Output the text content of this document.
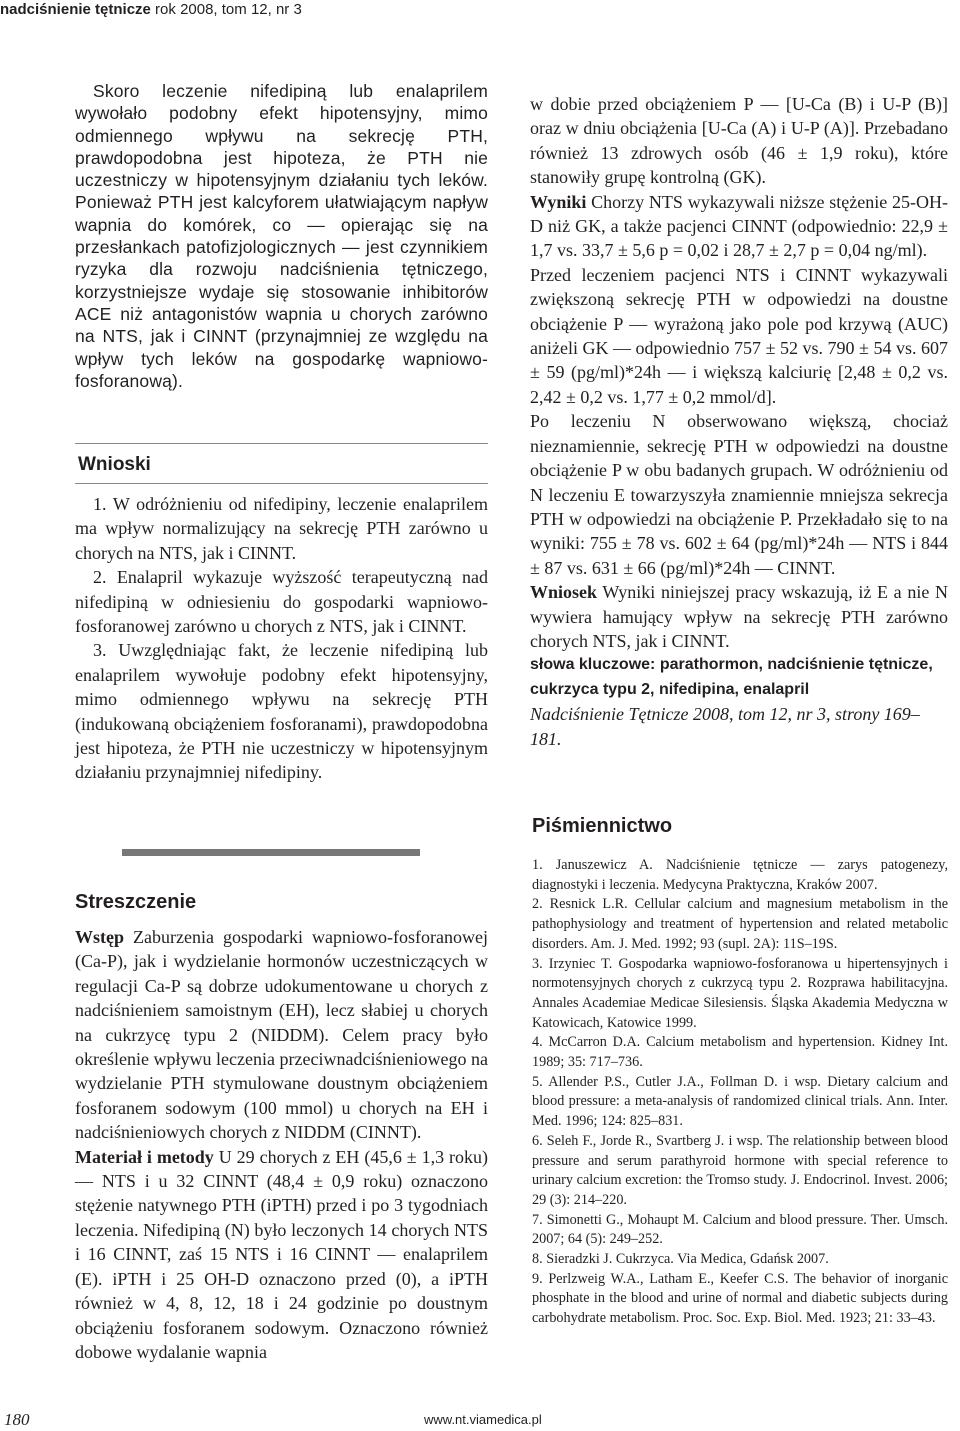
nadciśnienie tętnicze rok 2008, tom 12, nr 3

Skoro leczenie nifedipiną lub enalaprilem wywołało podobny efekt hipotensyjny, mimo odmiennego wpływu na sekrecję PTH, prawdopodobna jest hipoteza, że PTH nie uczestniczy w hipotensyjnym działaniu tych leków. Ponieważ PTH jest kalcyforem ułatwiającym napływ wapnia do komórek, co — opierając się na przesłankach patofizjologicznych — jest czynnikiem ryzyka dla rozwoju nadciśnienia tętniczego, korzystniejsze wydaje się stosowanie inhibitorów ACE niż antagonistów wapnia u chorych zarówno na NTS, jak i CINNT (przynajmniej ze względu na wpływ tych leków na gospodarkę wapniowo-fosforanową).

Wnioski

1. W odróżnieniu od nifedipiny, leczenie enalaprilem ma wpływ normalizujący na sekrecję PTH zarówno u chorych na NTS, jak i CINNT.

2. Enalapril wykazuje wyższość terapeutyczną nad nifedipiną w odniesieniu do gospodarki wapniowo-fosforanowej zarówno u chorych z NTS, jak i CINNT.

3. Uwzględniając fakt, że leczenie nifedipiną lub enalaprilem wywołuje podobny efekt hipotensyjny, mimo odmiennego wpływu na sekrecję PTH (indukowaną obciążeniem fosforanami), prawdopodobna jest hipoteza, że PTH nie uczestniczy w hipotensyjnym działaniu przynajmniej nifedipiny.

Streszczenie

Wstęp Zaburzenia gospodarki wapniowo-fosforanowej (Ca-P), jak i wydzielanie hormonów uczestniczących w regulacji Ca-P są dobrze udokumentowane u chorych z nadciśnieniem samoistnym (EH), lecz słabiej u chorych na cukrzycę typu 2 (NIDDM). Celem pracy było określenie wpływu leczenia przeciwnadciśnieniowego na wydzielanie PTH stymulowane doustnym obciążeniem fosforanem sodowym (100 mmol) u chorych na EH i nadciśnieniowych chorych z NIDDM (CINNT).

Materiał i metody U 29 chorych z EH (45,6 ± 1,3 roku) — NTS i u 32 CINNT (48,4 ± 0,9 roku) oznaczono stężenie natywnego PTH (iPTH) przed i po 3 tygodniach leczenia. Nifedipiną (N) było leczonych 14 chorych NTS i 16 CINNT, zaś 15 NTS i 16 CINNT — enalaprilem (E). iPTH i 25 OH-D oznaczono przed (0), a iPTH również w 4, 8, 12, 18 i 24 godzinie po doustnym obciążeniu fosforanem sodowym. Oznaczono również dobowe wydalanie wapnia

w dobie przed obciążeniem P — [U-Ca (B) i U-P (B)] oraz w dniu obciążenia [U-Ca (A) i U-P (A)]. Przebadano również 13 zdrowych osób (46 ± 1,9 roku), które stanowiły grupę kontrolną (GK).

Wyniki Chorzy NTS wykazywali niższe stężenie 25-OH-D niż GK, a także pacjenci CINNT (odpowiednio: 22,9 ± 1,7 vs. 33,7 ± 5,6 p = 0,02 i 28,7 ± 2,7 p = 0,04 ng/ml).

Przed leczeniem pacjenci NTS i CINNT wykazywali zwiększoną sekrecję PTH w odpowiedzi na doustne obciążenie P — wyrażoną jako pole pod krzywą (AUC) aniżeli GK — odpowiednio 757 ± 52 vs. 790 ± 54 vs. 607 ± 59 (pg/ml)*24h — i większą kalciurię [2,48 ± 0,2 vs. 2,42 ± 0,2 vs. 1,77 ± 0,2 mmol/d].

Po leczeniu N obserwowano większą, chociaż nieznamiennie, sekrecję PTH w odpowiedzi na doustne obciążenie P w obu badanych grupach. W odróżnieniu od N leczeniu E towarzyszyła znamiennie mniejsza sekrecja PTH w odpowiedzi na obciążenie P. Przekładało się to na wyniki: 755 ± 78 vs. 602 ± 64 (pg/ml)*24h — NTS i 844 ± 87 vs. 631 ± 66 (pg/ml)*24h — CINNT.

Wniosek Wyniki niniejszej pracy wskazują, iż E a nie N wywiera hamujący wpływ na sekrecję PTH zarówno chorych NTS, jak i CINNT.

słowa kluczowe: parathormon, nadciśnienie tętnicze, cukrzyca typu 2, nifedipina, enalapril
Nadciśnienie Tętnicze 2008, tom 12, nr 3, strony 169–181.
Piśmiennictwo

1. Januszewicz A. Nadciśnienie tętnicze — zarys patogenezy, diagnostyki i leczenia. Medycyna Praktyczna, Kraków 2007.

2. Resnick L.R. Cellular calcium and magnesium metabolism in the pathophysiology and treatment of hypertension and related metabolic disorders. Am. J. Med. 1992; 93 (supl. 2A): 11S–19S.

3. Irzyniec T. Gospodarka wapniowo-fosforanowa u hipertensyjnych i normotensyjnych chorych z cukrzycą typu 2. Rozprawa habilitacyjna. Annales Academiae Medicae Silesiensis. Śląska Akademia Medyczna w Katowicach, Katowice 1999.

4. McCarron D.A. Calcium metabolism and hypertension. Kidney Int. 1989; 35: 717–736.

5. Allender P.S., Cutler J.A., Follman D. i wsp. Dietary calcium and blood pressure: a meta-analysis of randomized clinical trials. Ann. Inter. Med. 1996; 124: 825–831.

6. Seleh F., Jorde R., Svartberg J. i wsp. The relationship between blood pressure and serum parathyroid hormone with special reference to urinary calcium excretion: the Tromso study. J. Endocrinol. Invest. 2006; 29 (3): 214–220.

7. Simonetti G., Mohaupt M. Calcium and blood pressure. Ther. Umsch. 2007; 64 (5): 249–252.

8. Sieradzki J. Cukrzyca. Via Medica, Gdańsk 2007.

9. Perlzweig W.A., Latham E., Keefer C.S. The behavior of inorganic phosphate in the blood and urine of normal and diabetic subjects during carbohydrate metabolism. Proc. Soc. Exp. Biol. Med. 1923; 21: 33–43.

180	www.nt.viamedica.pl
